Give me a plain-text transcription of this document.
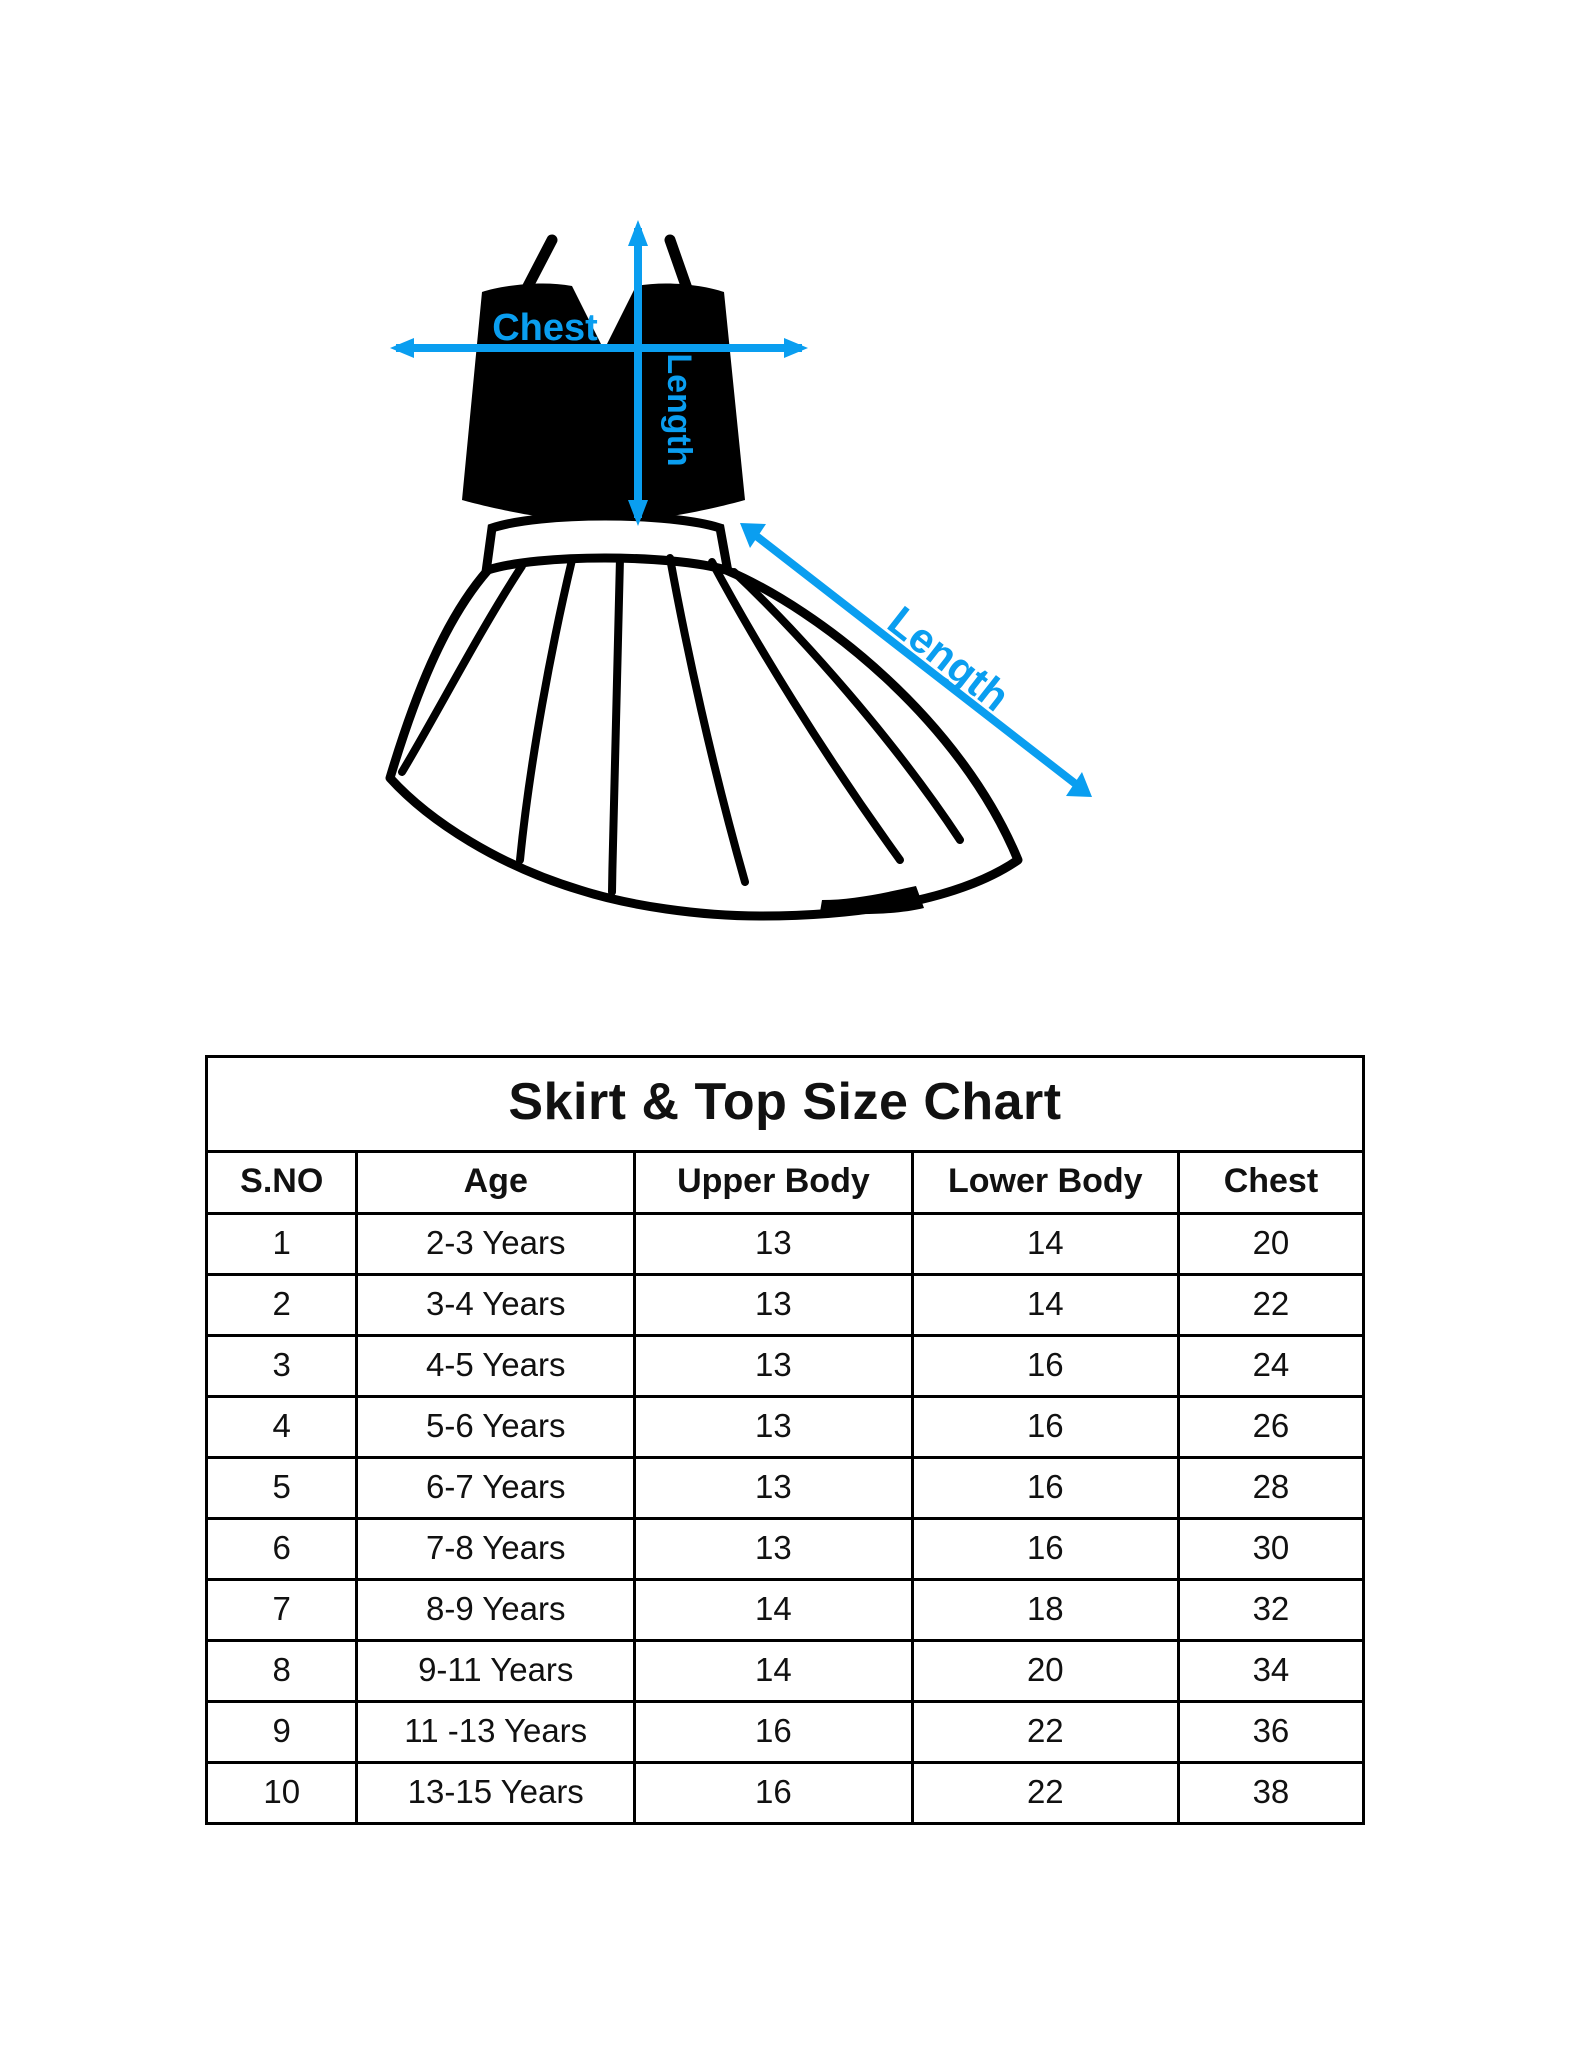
Chest
Length
Length
Skirt & Top Size Chart				
S.NO	Age	Upper Body	Lower Body	Chest
1	2-3 Years	13	14	20
2	3-4 Years	13	14	22
3	4-5 Years	13	16	24
4	5-6 Years	13	16	26
5	6-7 Years	13	16	28
6	7-8 Years	13	16	30
7	8-9 Years	14	18	32
8	9-11 Years	14	20	34
9	11 -13 Years	16	22	36
10	13-15 Years	16	22	38
